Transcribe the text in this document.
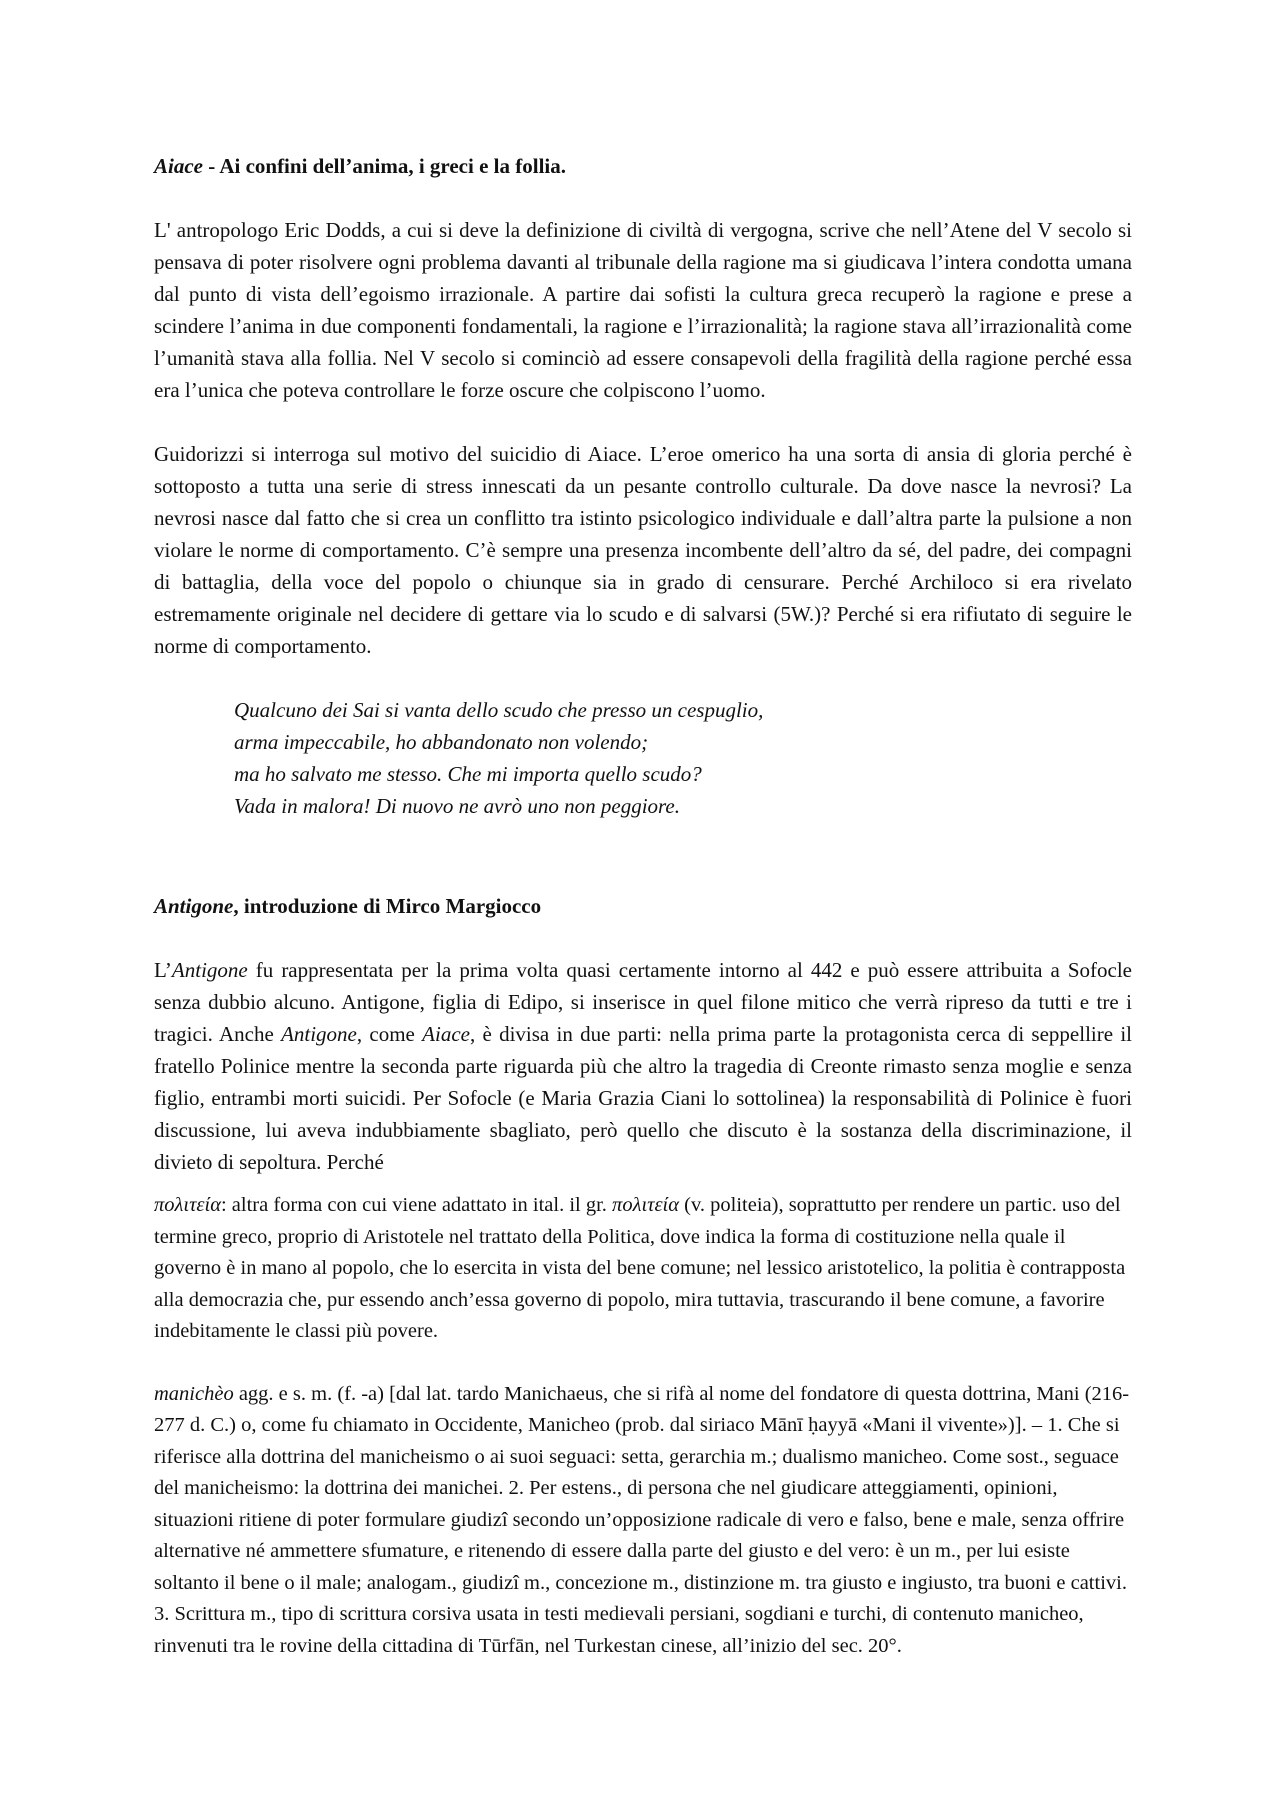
Aiace - Ai confini dell’anima, i greci e la follia.

L' antropologo Eric Dodds, a cui si deve la definizione di civiltà di vergogna, scrive che nell’Atene del V secolo si pensava di poter risolvere ogni problema davanti al tribunale della ragione ma si giudicava l’intera condotta umana dal punto di vista dell’egoismo irrazionale. A partire dai sofisti la cultura greca recuperò la ragione e prese a scindere l’anima in due componenti fondamentali, la ragione e l’irrazionalità; la ragione stava all’irrazionalità come l’umanità stava alla follia. Nel V secolo si cominciò ad essere consapevoli della fragilità della ragione perché essa era l’unica che poteva controllare le forze oscure che colpiscono l’uomo.

Guidorizzi si interroga sul motivo del suicidio di Aiace. L’eroe omerico ha una sorta di ansia di gloria perché è sottoposto a tutta una serie di stress innescati da un pesante controllo culturale. Da dove nasce la nevrosi? La nevrosi nasce dal fatto che si crea un conflitto tra istinto psicologico individuale e dall’altra parte la pulsione a non violare le norme di comportamento. C’è sempre una presenza incombente dell’altro da sé, del padre, dei compagni di battaglia, della voce del popolo o chiunque sia in grado di censurare. Perché Archiloco si era rivelato estremamente originale nel decidere di gettare via lo scudo e di salvarsi (5W.)? Perché si era rifiutato di seguire le norme di comportamento.

Qualcuno dei Sai si vanta dello scudo che presso un cespuglio,
arma impeccabile, ho abbandonato non volendo;
ma ho salvato me stesso. Che mi importa quello scudo?
Vada in malora! Di nuovo ne avrò uno non peggiore.
Antigone, introduzione di Mirco Margiocco

L’Antigone fu rappresentata per la prima volta quasi certamente intorno al 442 e può essere attribuita a Sofocle senza dubbio alcuno. Antigone, figlia di Edipo, si inserisce in quel filone mitico che verrà ripreso da tutti e tre i tragici. Anche Antigone, come Aiace, è divisa in due parti: nella prima parte la protagonista cerca di seppellire il fratello Polinice mentre la seconda parte riguarda più che altro la tragedia di Creonte rimasto senza moglie e senza figlio, entrambi morti suicidi. Per Sofocle (e Maria Grazia Ciani lo sottolinea) la responsabilità di Polinice è fuori discussione, lui aveva indubbiamente sbagliato, però quello che discuto è la sostanza della discriminazione, il divieto di sepoltura. Perché

πολιτεία: altra forma con cui viene adattato in ital. il gr. πολιτεία (v. politeia), soprattutto per rendere un partic. uso del termine greco, proprio di Aristotele nel trattato della Politica, dove indica la forma di costituzione nella quale il governo è in mano al popolo, che lo esercita in vista del bene comune; nel lessico aristotelico, la politia è contrapposta alla democrazia che, pur essendo anch’essa governo di popolo, mira tuttavia, trascurando il bene comune, a favorire indebitamente le classi più povere.

manichèo agg. e s. m. (f. -a) [dal lat. tardo Manichaeus, che si rifà al nome del fondatore di questa dottrina, Mani (216-277 d. C.) o, come fu chiamato in Occidente, Manicheo (prob. dal siriaco Mānī ḥayyā «Mani il vivente»)]. – 1. Che si riferisce alla dottrina del manicheismo o ai suoi seguaci: setta, gerarchia m.; dualismo manicheo. Come sost., seguace del manicheismo: la dottrina dei manichei. 2. Per estens., di persona che nel giudicare atteggiamenti, opinioni, situazioni ritiene di poter formulare giudizî secondo un’opposizione radicale di vero e falso, bene e male, senza offrire alternative né ammettere sfumature, e ritenendo di essere dalla parte del giusto e del vero: è un m., per lui esiste soltanto il bene o il male; analogam., giudizî m., concezione m., distinzione m. tra giusto e ingiusto, tra buoni e cattivi. 3. Scrittura m., tipo di scrittura corsiva usata in testi medievali persiani, sogdiani e turchi, di contenuto manicheo, rinvenuti tra le rovine della cittadina di Tūrfān, nel Turkestan cinese, all’inizio del sec. 20°.
